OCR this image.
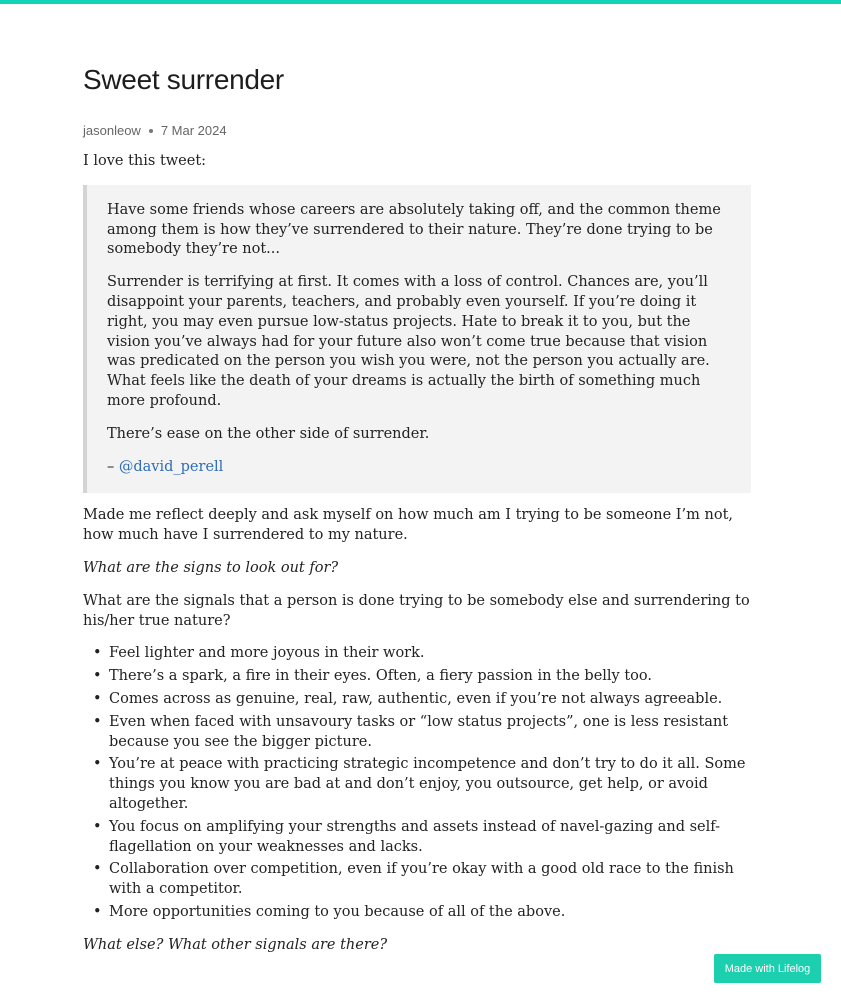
Sweet surrender
jasonleow 7 Mar 2024

I love this tweet:

Have some friends whose careers are absolutely taking off, and the common theme among them is how they’ve surrendered to their nature. They’re done trying to be somebody they’re not...

Surrender is terrifying at first. It comes with a loss of control. Chances are, you’ll disappoint your parents, teachers, and probably even yourself. If you’re doing it right, you may even pursue low-status projects. Hate to break it to you, but the vision you’ve always had for your future also won’t come true because that vision was predicated on the person you wish you were, not the person you actually are. What feels like the death of your dreams is actually the birth of something much more profound.

There’s ease on the other side of surrender.

– @david_perell

Made me reflect deeply and ask myself on how much am I trying to be someone I’m not, how much have I surrendered to my nature.

What are the signs to look out for?

What are the signals that a person is done trying to be somebody else and surrendering to his/her true nature?

• Feel lighter and more joyous in their work.
• There’s a spark, a fire in their eyes. Often, a fiery passion in the belly too.
• Comes across as genuine, real, raw, authentic, even if you’re not always agreeable.
• Even when faced with unsavoury tasks or “low status projects”, one is less resistant because you see the bigger picture.
• You’re at peace with practicing strategic incompetence and don’t try to do it all. Some things you know you are bad at and don’t enjoy, you outsource, get help, or avoid altogether.
• You focus on amplifying your strengths and assets instead of navel-gazing and self-flagellation on your weaknesses and lacks.
• Collaboration over competition, even if you’re okay with a good old race to the finish with a competitor.
• More opportunities coming to you because of all of the above.

What else? What other signals are there?

Made with Lifelog
